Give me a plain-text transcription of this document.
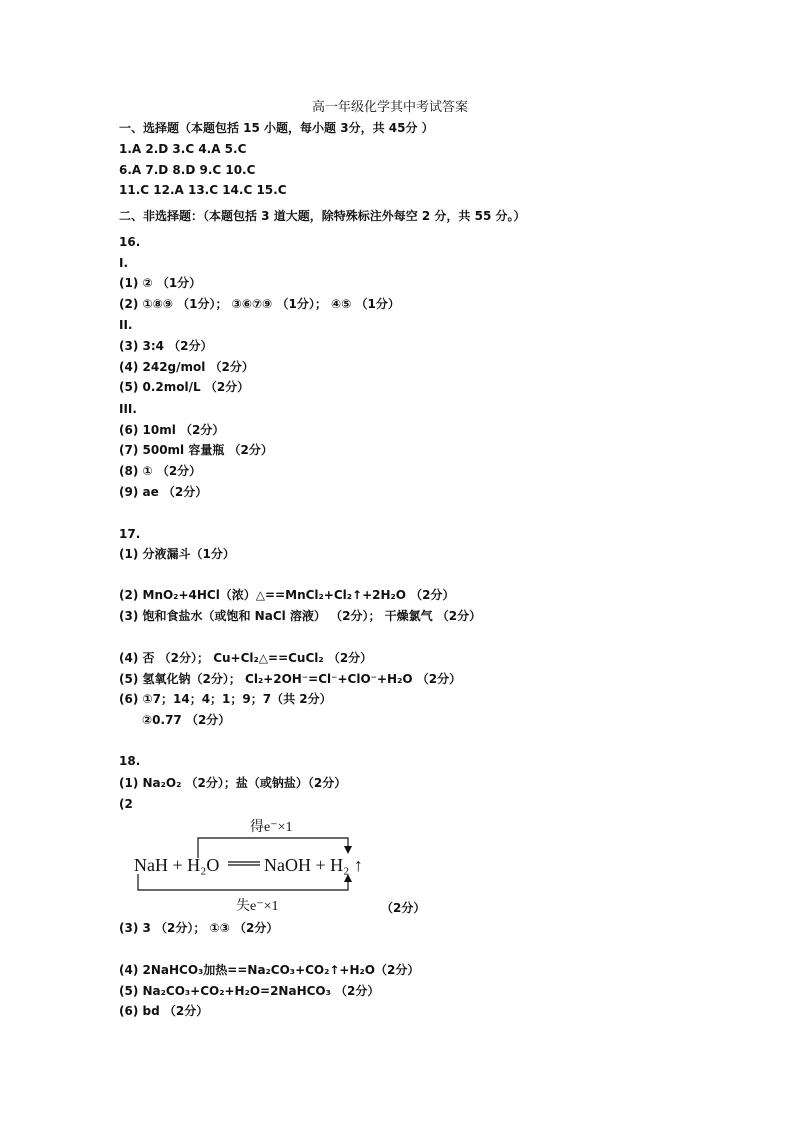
高一年级化学其中考试答案
一、选择题（本题包括 15 小题，每小题 3分，共 45分 ）
1.A 2.D 3.C 4.A 5.C
6.A 7.D 8.D 9.C 10.C
11.C 12.A 13.C 14.C 15.C
二、非选择题：（本题包括 3 道大题，除特殊标注外每空 2 分，共 55 分。）
16.
I.
(1) ② （1分）
(2) ①⑧⑨ （1分）； ③⑥⑦⑨ （1分）； ④⑤ （1分）
II.
(3) 3:4 （2分）
(4) 242g/mol （2分）
(5) 0.2mol/L （2分）
III.
(6) 10ml （2分）
(7) 500ml 容量瓶 （2分）
(8) ① （2分）
(9) ae （2分）
17.
(1) 分液漏斗（1分）
(2) MnO₂+4HCl（浓）△==MnCl₂+Cl₂↑+2H₂O （2分）
(3) 饱和食盐水（或饱和 NaCl 溶液） （2分）； 干燥氯气 （2分）
(4) 否 （2分）； Cu+Cl₂△==CuCl₂ （2分）
(5) 氢氧化钠（2分）； Cl₂+2OH⁻=Cl⁻+ClO⁻+H₂O （2分）
(6) ①7；14；4；1；9；7（共 2分）
②0.77 （2分）
18.
(1) Na₂O₂ （2分）；盐（或钠盐）（2分）
(2
得e⁻×1
失e⁻×1
NaH + H₂O NaOH + H₂ ↑
（2分）
(3) 3 （2分）； ①③ （2分）
(4) 2NaHCO₃加热==Na₂CO₃+CO₂↑+H₂O（2分）
(5) Na₂CO₃+CO₂+H₂O=2NaHCO₃ （2分）
(6) bd （2分）
